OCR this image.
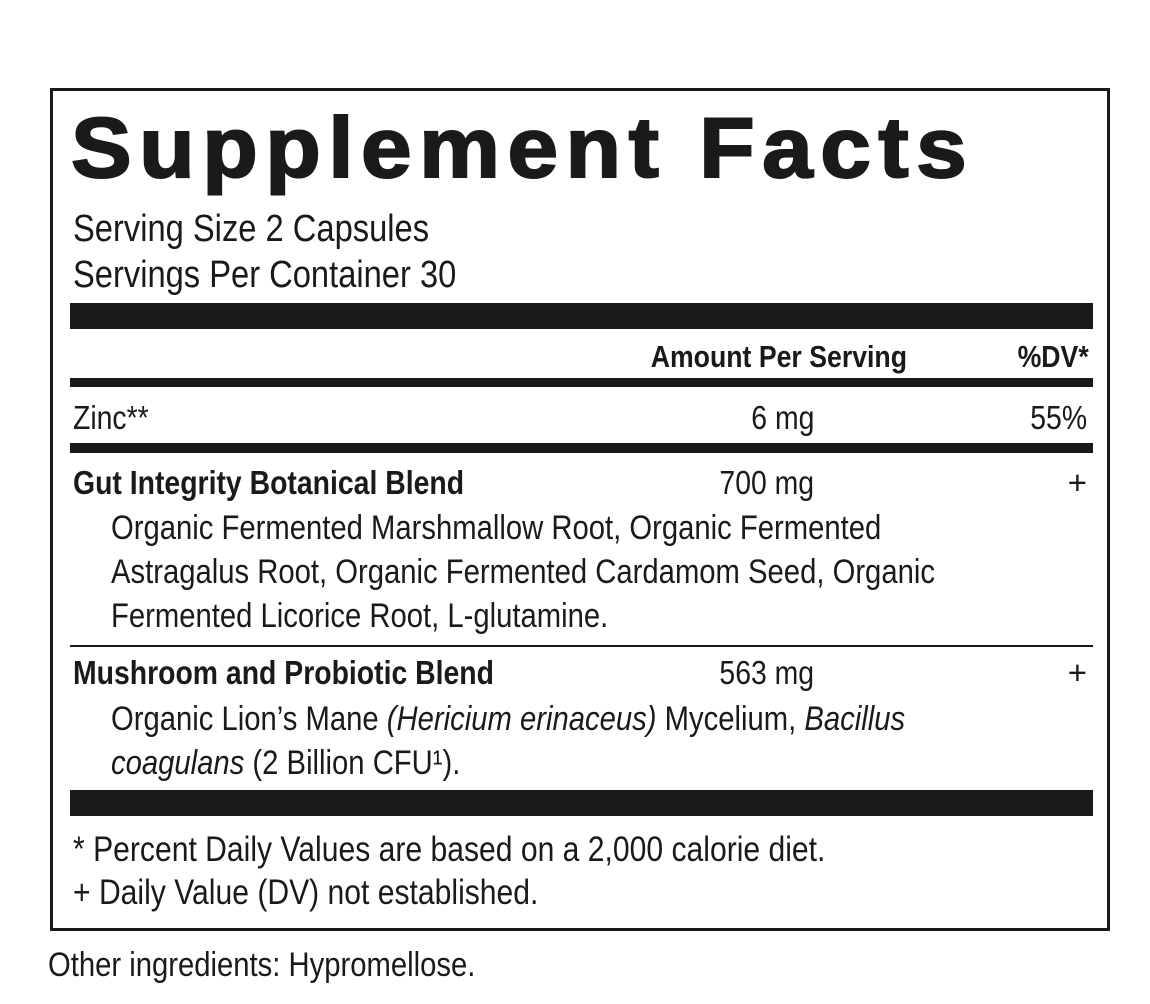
Supplement Facts
Serving Size 2 Capsules
Servings Per Container 30
Amount Per Serving	%DV*
Zinc**	6 mg	55%
Gut Integrity Botanical Blend	700 mg	+
Organic Fermented Marshmallow Root, Organic Fermented
Astragalus Root, Organic Fermented Cardamom Seed, Organic
Fermented Licorice Root, L-glutamine.
Mushroom and Probiotic Blend	563 mg	+
Organic Lion’s Mane (Hericium erinaceus) Mycelium, Bacillus
coagulans (2 Billion CFU¹).
* Percent Daily Values are based on a 2,000 calorie diet.
+ Daily Value (DV) not established.
Other ingredients: Hypromellose.
